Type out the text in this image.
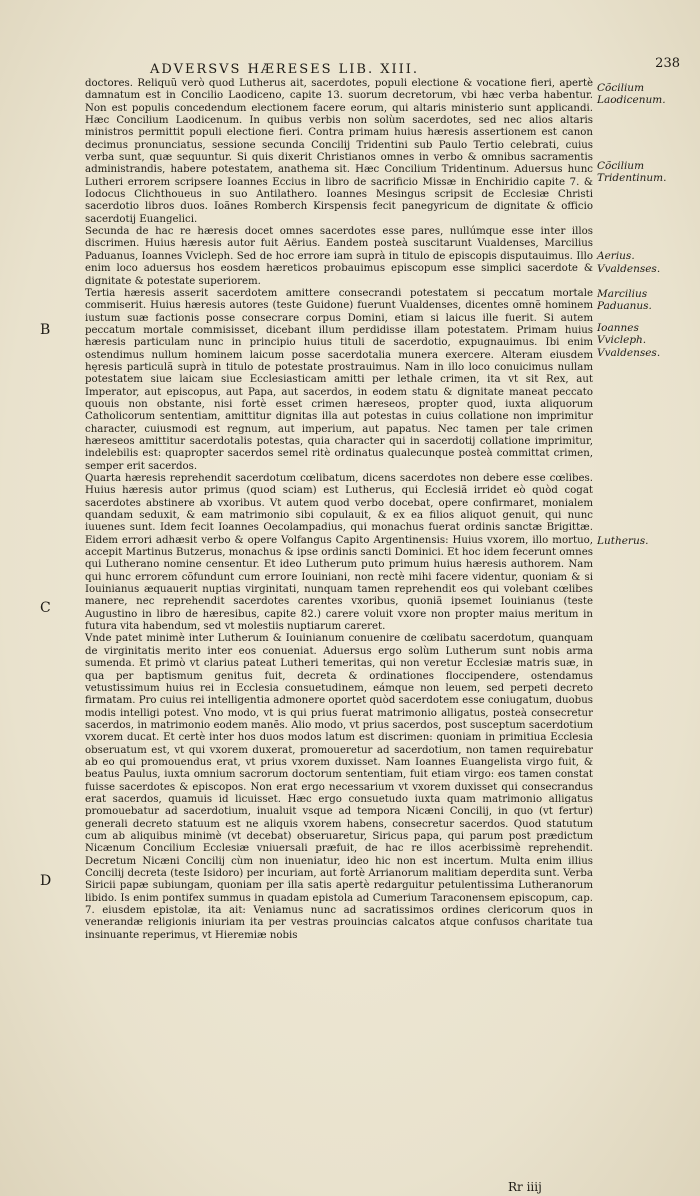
ADVERSVS HÆRESES LIB. XIII.	238

doctores. Reliquũ verò quod Lutherus ait, sacerdotes, populi electione & vocatione fieri, apertè damnatum est in Concilio Laodiceno, capite 13. suorum decretorum, vbi hæc verba habentur. Non est populis concedendum electionem facere eorum, qui altaris ministerio sunt applicandi. Hæc Concilium Laodicenum. In quibus verbis non solùm sacerdotes, sed nec alios altaris ministros permittit populi electione fieri. Contra primam huius hæresis assertionem est canon decimus pronunciatus, sessione secunda Concilij Tridentini sub Paulo Tertio celebrati, cuius verba sunt, quæ sequuntur. Si quis dixerit Christianos omnes in verbo & omnibus sacramentis administrandis, habere potestatem, anathema sit. Hæc Concilium Tridentinum. Aduersus hunc Lutheri errorem scripsere Ioannes Eccius in libro de sacrificio Missæ in Enchiridio capite 7. & Iodocus Clichthoueus in suo Antilathero. Ioannes Mesingus scripsit de Ecclesiæ Christi sacerdotio libros duos. Ioãnes Romberch Kirspensis fecit panegyricum de dignitate & officio sacerdotij Euangelici.

Secunda de hac re hæresis docet omnes sacerdotes esse pares, nullúmque esse inter illos discrimen. Huius hæresis autor fuit Aërius. Eandem posteà suscitarunt Vualdenses, Marcilius Paduanus, Ioannes Vvicleph. Sed de hoc errore iam suprà in titulo de episcopis disputauimus. Illo enim loco aduersus hos eosdem hæreticos probauimus episcopum esse simplici sacerdote & dignitate & potestate superiorem.

Tertia hæresis asserit sacerdotem amittere consecrandi potestatem si peccatum mortale commiserit. Huius hæresis autores (teste Guidone) fuerunt Vualdenses, dicentes omnẽ hominem iustum suæ factionis posse consecrare corpus Domini, etiam si laicus ille fuerit. Si autem peccatum mortale commisisset, dicebant illum perdidisse illam potestatem. Primam huius hæresis particulam nunc in principio huius tituli de sacerdotio, expugnauimus. Ibi enim ostendimus nullum hominem laicum posse sacerdotalia munera exercere. Alteram eiusdem hęresis particulã suprà in titulo de potestate prostrauimus. Nam in illo loco conuicimus nullam potestatem siue laicam siue Ecclesiasticam amitti per lethale crimen, ita vt sit Rex, aut Imperator, aut episcopus, aut Papa, aut sacerdos, in eodem statu & dignitate maneat peccato quouis non obstante, nisi fortè esset crimen hæreseos, propter quod, iuxta aliquorum Catholicorum sententiam, amittitur dignitas illa aut potestas in cuius collatione non imprimitur character, cuiusmodi est regnum, aut imperium, aut papatus. Nec tamen per tale crimen hæreseos amittitur sacerdotalis potestas, quia character qui in sacerdotij collatione imprimitur, indelebilis est: quapropter sacerdos semel ritè ordinatus qualecunque posteà committat crimen, semper erit sacerdos.

Quarta hæresis reprehendit sacerdotum cœlibatum, dicens sacerdotes non debere esse cœlibes. Huius hæresis autor primus (quod sciam) est Lutherus, qui Ecclesiã irridet eò quòd cogat sacerdotes abstinere ab vxoribus. Vt autem quod verbo docebat, opere confirmaret, monialem quandam seduxit, & eam matrimonio sibi copulauit, & ex ea filios aliquot genuit, qui nunc iuuenes sunt. Idem fecit Ioannes Oecolampadius, qui monachus fuerat ordinis sanctæ Brigittæ. Eidem errori adhæsit verbo & opere Volfangus Capito Argentinensis: Huius vxorem, illo mortuo, accepit Martinus Butzerus, monachus & ipse ordinis sancti Dominici. Et hoc idem fecerunt omnes qui Lutherano nomine censentur. Et ideo Lutherum puto primum huius hæresis authorem. Nam qui hunc errorem cõfundunt cum errore Iouiniani, non rectè mihi facere videntur, quoniam & si Iouinianus æquauerit nuptias virginitati, nunquam tamen reprehendit eos qui volebant cœlibes manere, nec reprehendit sacerdotes carentes vxoribus, quoniã ipsemet Iouinianus (teste Augustino in libro de hæresibus, capite 82.) carere voluit vxore non propter maius meritum in futura vita habendum, sed vt molestiis nuptiarum careret.

Vnde patet minimè inter Lutherum & Iouinianum conuenire de cœlibatu sacerdotum, quanquam de virginitatis merito inter eos conueniat. Aduersus ergo solùm Lutherum sunt nobis arma sumenda. Et primò vt clarius pateat Lutheri temeritas, qui non veretur Ecclesiæ matris suæ, in qua per baptismum genitus fuit, decreta & ordinationes floccipendere, ostendamus vetustissimum huius rei in Ecclesia consuetudinem, eámque non leuem, sed perpeti decreto firmatam. Pro cuius rei intelligentia admonere oportet quòd sacerdotem esse coniugatum, duobus modis intelligi potest. Vno modo, vt is qui prius fuerat matrimonio alligatus, posteà consecretur sacerdos, in matrimonio eodem manẽs. Alio modo, vt prius sacerdos, post susceptum sacerdotium vxorem ducat. Et certè inter hos duos modos latum est discrimen: quoniam in primitiua Ecclesia obseruatum est, vt qui vxorem duxerat, promoueretur ad sacerdotium, non tamen requirebatur ab eo qui promouendus erat, vt prius vxorem duxisset. Nam Ioannes Euangelista virgo fuit, & beatus Paulus, iuxta omnium sacrorum doctorum sententiam, fuit etiam virgo: eos tamen constat fuisse sacerdotes & episcopos. Non erat ergo necessarium vt vxorem duxisset qui consecrandus erat sacerdos, quamuis id licuisset. Hæc ergo consuetudo iuxta quam matrimonio alligatus promouebatur ad sacerdotium, inualuit vsque ad tempora Nicæni Concilij, in quo (vt fertur) generali decreto statuum est ne aliquis vxorem habens, consecretur sacerdos. Quod statutum cum ab aliquibus minimè (vt decebat) obseruaretur, Siricus papa, qui parum post prædictum Nicænum Concilium Ecclesiæ vniuersali præfuit, de hac re illos acerbissimè reprehendit. Decretum Nicæni Concilij cùm non inueniatur, ideo hic non est incertum. Multa enim illius Concilij decreta (teste Isidoro) per incuriam, aut fortè Arrianorum malitiam deperdita sunt. Verba Siricii papæ subiungam, quoniam per illa satis apertè redarguitur petulentissima Lutheranorum libido. Is enim pontifex summus in quadam epistola ad Cumerium Taraconensem episcopum, cap. 7. eiusdem epistolæ, ita ait: Veniamus nunc ad sacratissimos ordines clericorum quos in venerandæ religionis iniuriam ita per vestras prouincias calcatos atque confusos charitate tua insinuante reperimus, vt Hieremiæ nobis

Cõcilium Laodicenum.
Cõcilium Tridentinum.
Aerius.
Vvaldenses.
Marcilius Paduanus.
Ioannes Vvicleph.
Vvaldenses.
Lutherus.
B
C
D
Rr iiij
